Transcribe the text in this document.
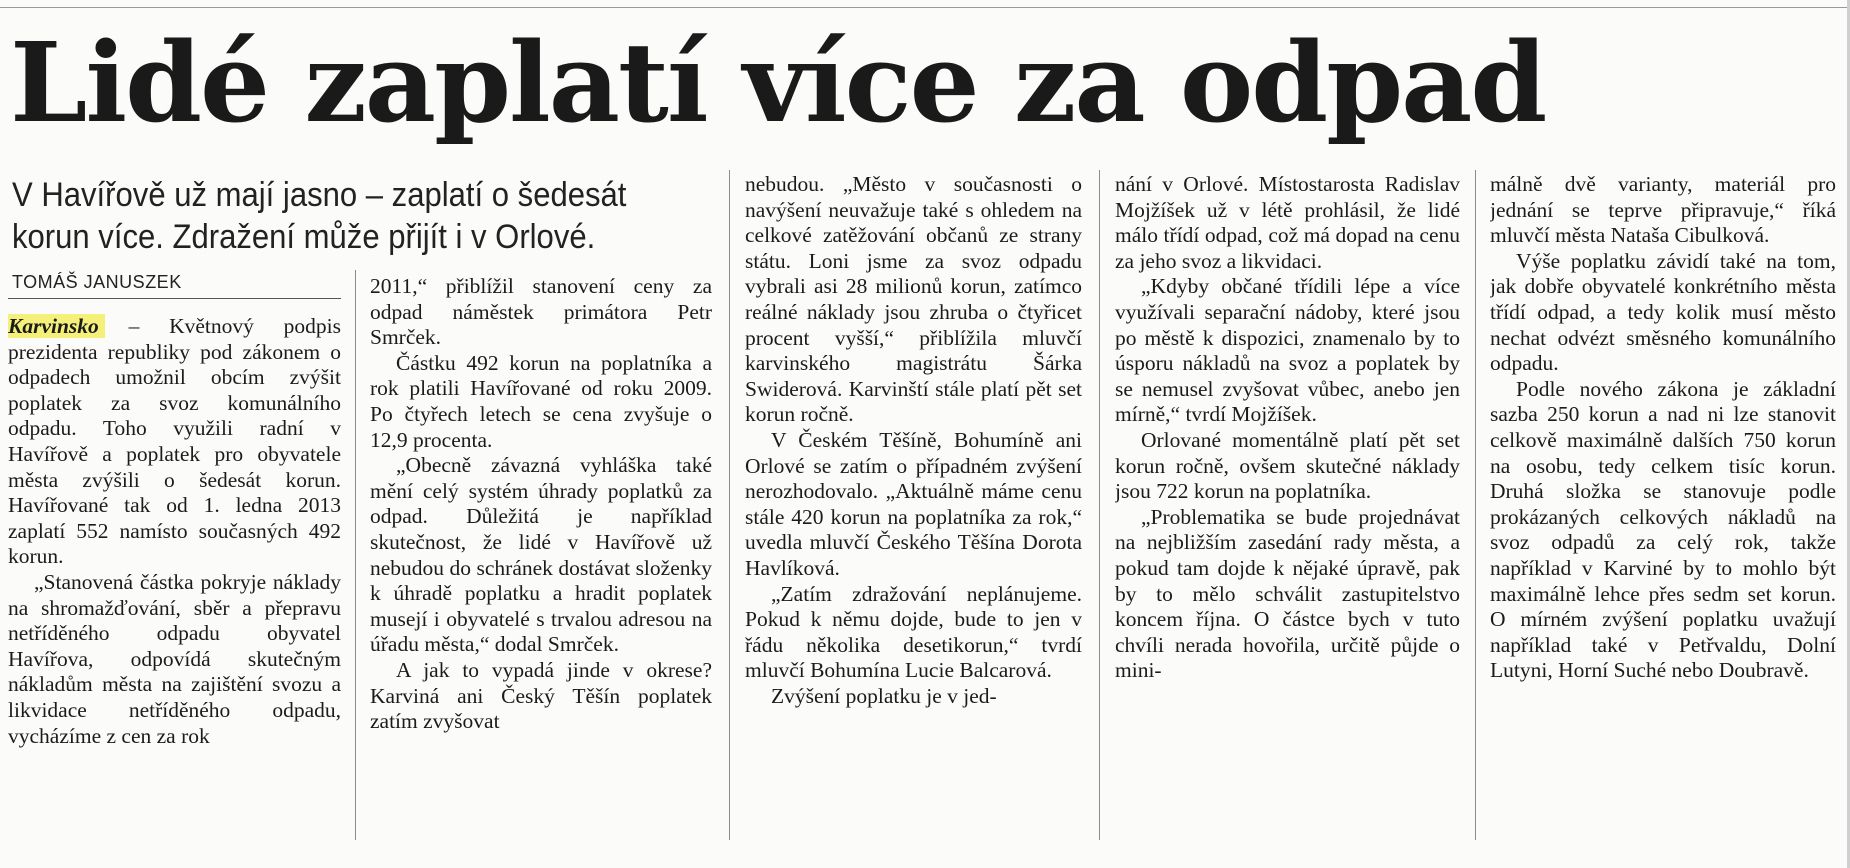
Lidé zaplatí více za odpad

V Havířově už mají jasno – zaplatí o šedesát korun více. Zdražení může přijít i v Orlové.

TOMÁŠ JANUSZEK

Karvinsko – Květnový podpis prezidenta republiky pod zákonem o odpadech umožnil obcím zvýšit poplatek za svoz komunálního odpadu. Toho využili radní v Havířově a poplatek pro obyvatele města zvýšili o šedesát korun. Havířované tak od 1. ledna 2013 zaplatí 552 namísto současných 492 korun.

„Stanovená částka pokryje náklady na shromažďování, sběr a přepravu netříděného odpadu obyvatel Havířova, odpovídá skutečným nákladům města na zajištění svozu a likvidace netříděného odpadu, vycházíme z cen za rok

2011,“ přiblížil stanovení ceny za odpad náměstek primátora Petr Smrček.

Částku 492 korun na poplatníka a rok platili Havířované od roku 2009. Po čtyřech letech se cena zvyšuje o 12,9 procenta.

„Obecně závazná vyhláška také mění celý systém úhrady poplatků za odpad. Důležitá je například skutečnost, že lidé v Havířově už nebudou do schránek dostávat složenky k úhradě poplatku a hradit poplatek musejí i obyvatelé s trvalou adresou na úřadu města,“ dodal Smrček.

A jak to vypadá jinde v okrese? Karviná ani Český Těšín poplatek zatím zvyšovat

nebudou. „Město v současnosti o navýšení neuvažuje také s ohledem na celkové zatěžování občanů ze strany státu. Loni jsme za svoz odpadu vybrali asi 28 milionů korun, zatímco reálné náklady jsou zhruba o čtyřicet procent vyšší,“ přiblížila mluvčí karvinského magistrátu Šárka Swiderová. Karvinští stále platí pět set korun ročně.

V Českém Těšíně, Bohumíně ani Orlové se zatím o případném zvýšení nerozhodovalo. „Aktuálně máme cenu stále 420 korun na poplatníka za rok,“ uvedla mluvčí Českého Těšína Dorota Havlíková.

„Zatím zdražování neplánujeme. Pokud k němu dojde, bude to jen v řádu několika desetikorun,“ tvrdí mluvčí Bohumína Lucie Balcarová.

Zvýšení poplatku je v jed-

nání v Orlové. Místostarosta Radislav Mojžíšek už v létě prohlásil, že lidé málo třídí odpad, což má dopad na cenu za jeho svoz a likvidaci.

„Kdyby občané třídili lépe a více využívali separační nádoby, které jsou po městě k dispozici, znamenalo by to úsporu nákladů na svoz a poplatek by se nemusel zvyšovat vůbec, anebo jen mírně,“ tvrdí Mojžíšek.

Orlované momentálně platí pět set korun ročně, ovšem skutečné náklady jsou 722 korun na poplatníka.

„Problematika se bude projednávat na nejbližším zasedání rady města, a pokud tam dojde k nějaké úpravě, pak by to mělo schválit zastupitelstvo koncem října. O částce bych v tuto chvíli nerada hovořila, určitě půjde o mini-

málně dvě varianty, materiál pro jednání se teprve připravuje,“ říká mluvčí města Nataša Cibulková.

Výše poplatku závidí také na tom, jak dobře obyvatelé konkrétního města třídí odpad, a tedy kolik musí město nechat odvézt směsného komunálního odpadu.

Podle nového zákona je základní sazba 250 korun a nad ni lze stanovit celkově maximálně dalších 750 korun na osobu, tedy celkem tisíc korun. Druhá složka se stanovuje podle prokázaných celkových nákladů na svoz odpadů za celý rok, takže například v Karviné by to mohlo být maximálně lehce přes sedm set korun. O mírném zvýšení poplatku uvažují například také v Petřvaldu, Dolní Lutyni, Horní Suché nebo Doubravě.
